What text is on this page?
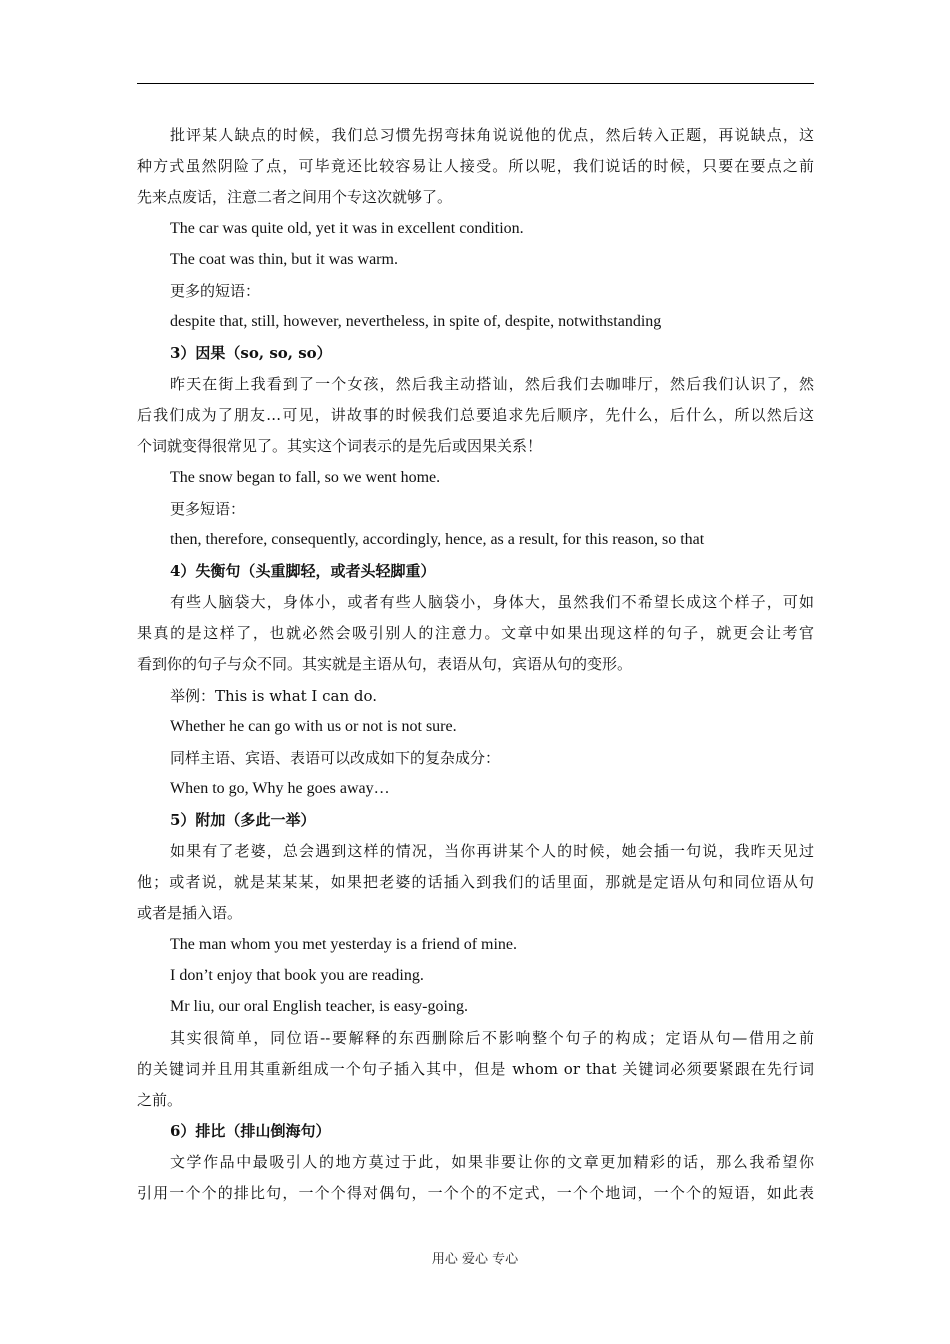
批评某人缺点的时候，我们总习惯先拐弯抹角说说他的优点，然后转入正题，再说缺点，这
种方式虽然阴险了点，可毕竟还比较容易让人接受。所以呢，我们说话的时候，只要在要点之前
先来点废话，注意二者之间用个专这次就够了。
The car was quite old, yet it was in excellent condition.
The coat was thin, but it was warm.
更多的短语：
despite that, still, however, nevertheless, in spite of, despite, notwithstanding
3）因果（so, so, so）
昨天在街上我看到了一个女孩，然后我主动搭讪，然后我们去咖啡厅，然后我们认识了，然
后我们成为了朋友…可见，讲故事的时候我们总要追求先后顺序，先什么，后什么，所以然后这
个词就变得很常见了。其实这个词表示的是先后或因果关系！
The snow began to fall, so we went home.
更多短语：
then, therefore, consequently, accordingly, hence, as a result, for this reason, so that
4）失衡句（头重脚轻，或者头轻脚重）
有些人脑袋大，身体小，或者有些人脑袋小，身体大，虽然我们不希望长成这个样子，可如
果真的是这样了，也就必然会吸引别人的注意力。文章中如果出现这样的句子，就更会让考官
看到你的句子与众不同。其实就是主语从句，表语从句，宾语从句的变形。
举例：This is what I can do.
Whether he can go with us or not is not sure.
同样主语、宾语、表语可以改成如下的复杂成分：
When to go, Why he goes away…
5）附加（多此一举）
如果有了老婆，总会遇到这样的情况，当你再讲某个人的时候，她会插一句说，我昨天见过
他；或者说，就是某某某，如果把老婆的话插入到我们的话里面，那就是定语从句和同位语从句
或者是插入语。
The man whom you met yesterday is a friend of mine.
I don’t enjoy that book you are reading.
Mr liu, our oral English teacher, is easy-going.
其实很简单，同位语--要解释的东西删除后不影响整个句子的构成；定语从句—借用之前
的关键词并且用其重新组成一个句子插入其中，但是 whom or that 关键词必须要紧跟在先行词
之前。
6）排比（排山倒海句）
文学作品中最吸引人的地方莫过于此，如果非要让你的文章更加精彩的话，那么我希望你
引用一个个的排比句，一个个得对偶句，一个个的不定式，一个个地词，一个个的短语，如此表
用心 爱心 专心
